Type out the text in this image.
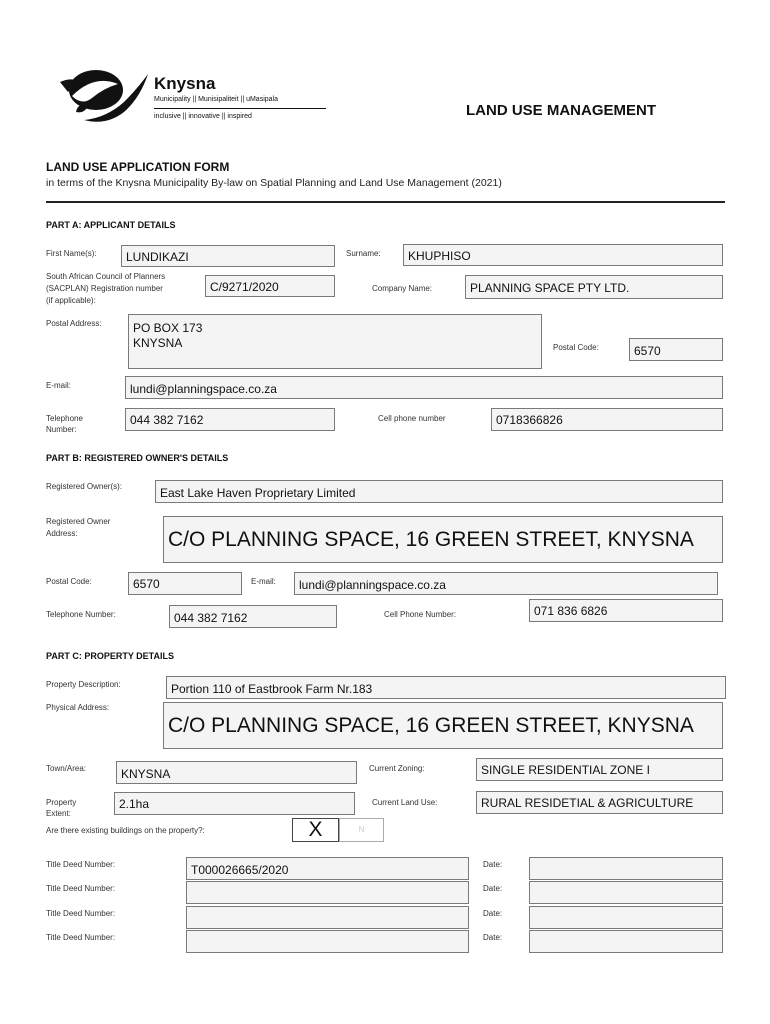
Knysna
Municipality || Munisipaliteit || uMasipala
inclusive || innovative || inspired	LAND USE MANAGEMENT
LAND USE APPLICATION FORM
in terms of the Knysna Municipality By-law on Spatial Planning and Land Use Management (2021)
PART A: APPLICANT DETAILS
First Name(s):	LUNDIKAZI	Surname:	KHUPHISO
South African Council of Planners
(SACPLAN) Registration number
(if applicable):
C/9271/2020	Company Name:	PLANNING SPACE PTY LTD.
Postal Address:	PO BOX 173
KNYSNA	Postal Code:	6570
E-mail:	lundi@planningspace.co.za
Telephone
Number:
044 382 7162	Cell phone number	0718366826
PART B: REGISTERED OWNER'S DETAILS
Registered Owner(s):	East Lake Haven Proprietary Limited
Registered Owner
Address:	C/O PLANNING SPACE, 16 GREEN STREET, KNYSNA
Postal Code:	6570	E-mail:	lundi@planningspace.co.za
Telephone Number:	044 382 7162	Cell Phone Number:	071 836 6826
PART C: PROPERTY DETAILS
Property Description:	Portion 110 of Eastbrook Farm Nr.183
Physical Address:
C/O PLANNING SPACE, 16 GREEN STREET, KNYSNA
Town/Area:	KNYSNA	Current Zoning:	SINGLE RESIDENTIAL ZONE I
Property
Extent:
2.1ha	Current Land Use:	RURAL RESIDETIAL & AGRICULTURE
Are there existing buildings on the property?:	X	N
Title Deed Number:	T000026665/2020	Date:
Title Deed Number:	Date:
Title Deed Number:	Date:
Title Deed Number:	Date:
